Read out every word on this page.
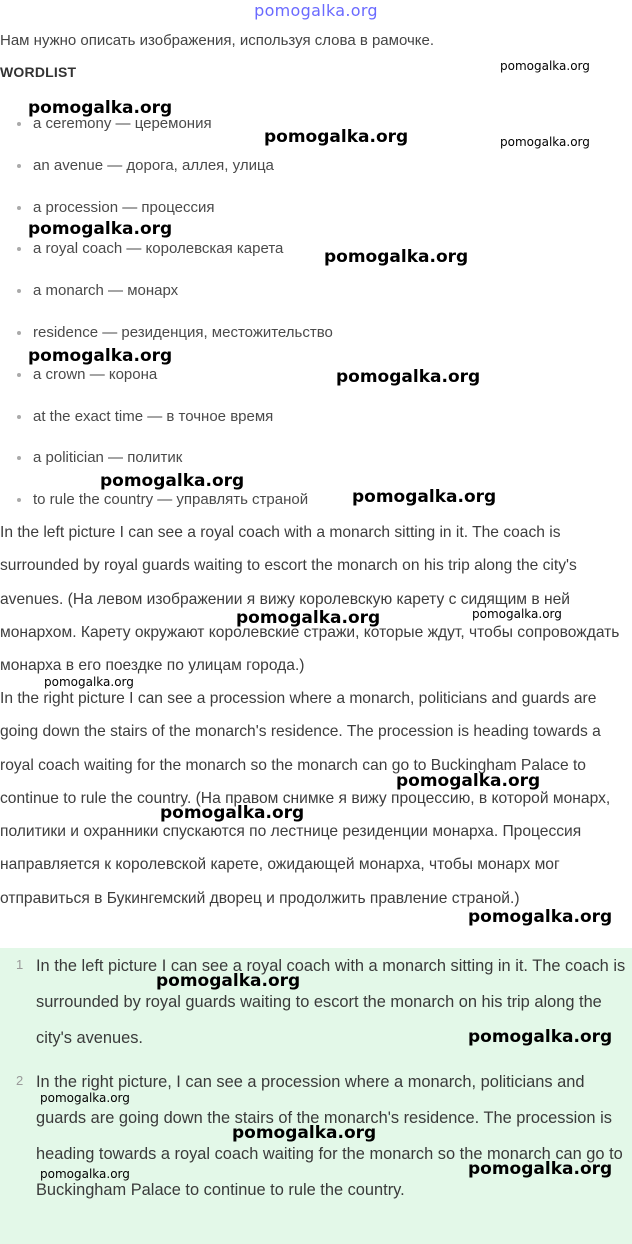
pomogalka.org
Нам нужно описать изображения, используя слова в рамочке.
WORDLIST
a ceremony — церемония
an avenue — дорога, аллея, улица
a procession — процессия
a royal coach — королевская карета
a monarch — монарх
residence — резиденция, местожительство
a crown — корона
at the exact time — в точное время
a politician — политик
to rule the country — управлять страной

In the left picture I can see a royal coach with a monarch sitting in it. The coach is surrounded by royal guards waiting to escort the monarch on his trip along the city's avenues. (На левом изображении я вижу королевскую карету с сидящим в ней монархом. Карету окружают королевские стражи, которые ждут, чтобы сопровождать монарха в его поездке по улицам города.)

In the right picture I can see a procession where a monarch, politicians and guards are going down the stairs of the monarch's residence. The procession is heading towards a royal coach waiting for the monarch so the monarch can go to Buckingham Palace to continue to rule the country. (На правом снимке я вижу процессию, в которой монарх, политики и охранники спускаются по лестнице резиденции монарха. Процессия направляется к королевской карете, ожидающей монарха, чтобы монарх мог отправиться в Букингемский дворец и продолжить правление страной.)

1 In the left picture I can see a royal coach with a monarch sitting in it. The coach is surrounded by royal guards waiting to escort the monarch on his trip along the city's avenues.

2 In the right picture, I can see a procession where a monarch, politicians and guards are going down the stairs of the monarch's residence. The procession is heading towards a royal coach waiting for the monarch so the monarch can go to Buckingham Palace to continue to rule the country.

pomogalka.org
pomogalka.org
pomogalka.org	pomogalka.org
pomogalka.org
pomogalka.org
pomogalka.org
pomogalka.org
pomogalka.org
pomogalka.org
pomogalka.org
pomogalka.org
pomogalka.org
pomogalka.org
pomogalka.org
pomogalka.org
pomogalka.org
pomogalka.org
pomogalka.org
pomogalka.org
pomogalka.org	pomogalka.org
